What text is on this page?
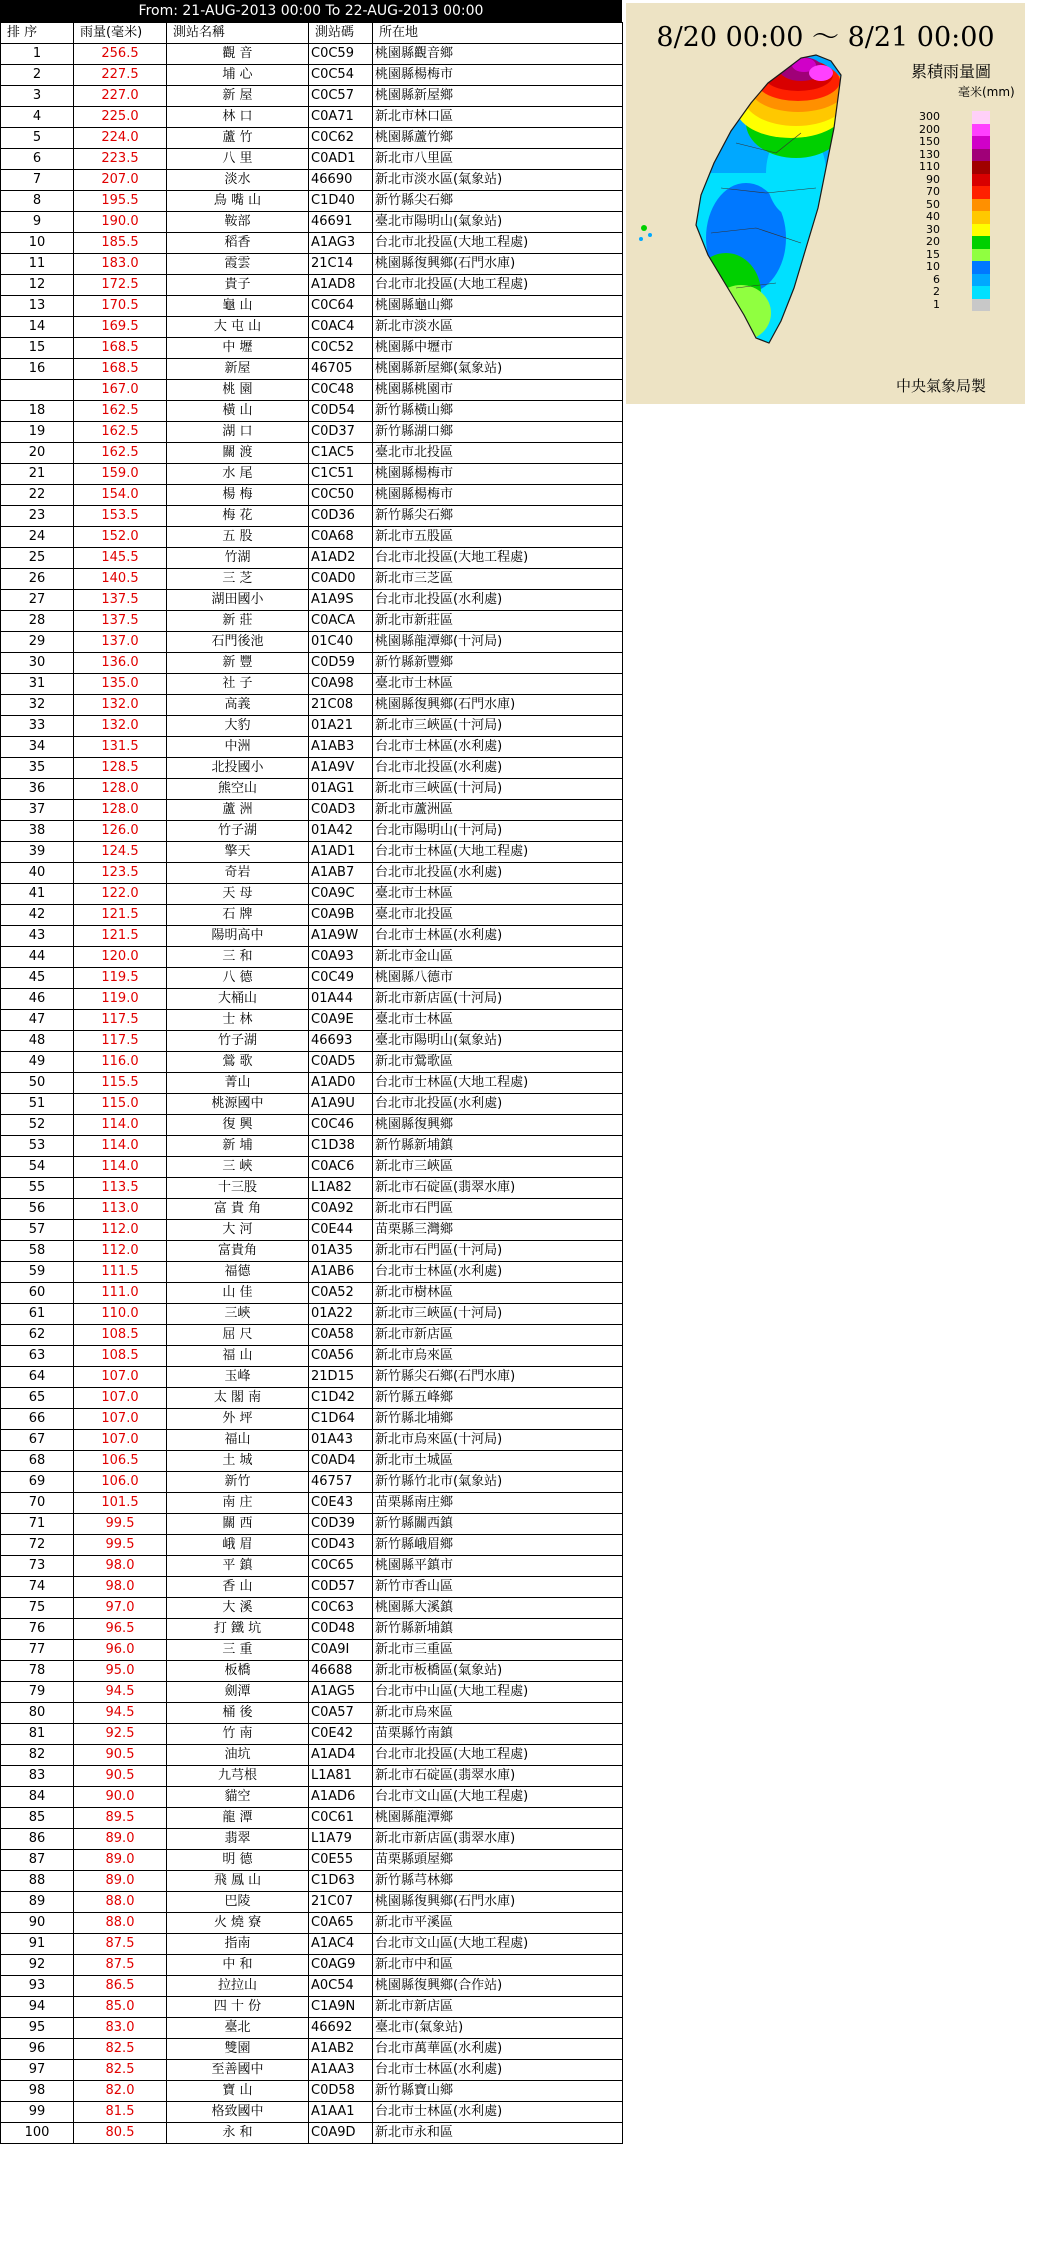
From: 21-AUG-2013 00:00 To 22-AUG-2013 00:00
排 序	雨量(毫米)	測站名稱	測站碼	所在地
1	256.5	觀 音	C0C59	桃園縣觀音鄉
2	227.5	埔 心	C0C54	桃園縣楊梅市
3	227.0	新 屋	C0C57	桃園縣新屋鄉
4	225.0	林 口	C0A71	新北市林口區
5	224.0	蘆 竹	C0C62	桃園縣蘆竹鄉
6	223.5	八 里	C0AD1	新北市八里區
7	207.0	淡水	46690	新北市淡水區(氣象站)
8	195.5	鳥 嘴 山	C1D40	新竹縣尖石鄉
9	190.0	鞍部	46691	臺北市陽明山(氣象站)
10	185.5	稻香	A1AG3	台北市北投區(大地工程處)
11	183.0	霞雲	21C14	桃園縣復興鄉(石門水庫)
12	172.5	貴子	A1AD8	台北市北投區(大地工程處)
13	170.5	龜 山	C0C64	桃園縣龜山鄉
14	169.5	大 屯 山	C0AC4	新北市淡水區
15	168.5	中 壢	C0C52	桃園縣中壢市
16	168.5	新屋	46705	桃園縣新屋鄉(氣象站)
	167.0	桃 園	C0C48	桃園縣桃園市
18	162.5	橫 山	C0D54	新竹縣橫山鄉
19	162.5	湖 口	C0D37	新竹縣湖口鄉
20	162.5	關 渡	C1AC5	臺北市北投區
21	159.0	水 尾	C1C51	桃園縣楊梅市
22	154.0	楊 梅	C0C50	桃園縣楊梅市
23	153.5	梅 花	C0D36	新竹縣尖石鄉
24	152.0	五 股	C0A68	新北市五股區
25	145.5	竹湖	A1AD2	台北市北投區(大地工程處)
26	140.5	三 芝	C0AD0	新北市三芝區
27	137.5	湖田國小	A1A9S	台北市北投區(水利處)
28	137.5	新 莊	C0ACA	新北市新莊區
29	137.0	石門後池	01C40	桃園縣龍潭鄉(十河局)
30	136.0	新 豐	C0D59	新竹縣新豐鄉
31	135.0	社 子	C0A98	臺北市士林區
32	132.0	高義	21C08	桃園縣復興鄉(石門水庫)
33	132.0	大豹	01A21	新北市三峽區(十河局)
34	131.5	中洲	A1AB3	台北市士林區(水利處)
35	128.5	北投國小	A1A9V	台北市北投區(水利處)
36	128.0	熊空山	01AG1	新北市三峽區(十河局)
37	128.0	蘆 洲	C0AD3	新北市蘆洲區
38	126.0	竹子湖	01A42	台北市陽明山(十河局)
39	124.5	擎天	A1AD1	台北市士林區(大地工程處)
40	123.5	奇岩	A1AB7	台北市北投區(水利處)
41	122.0	天 母	C0A9C	臺北市士林區
42	121.5	石 牌	C0A9B	臺北市北投區
43	121.5	陽明高中	A1A9W	台北市士林區(水利處)
44	120.0	三 和	C0A93	新北市金山區
45	119.5	八 德	C0C49	桃園縣八德市
46	119.0	大桶山	01A44	新北市新店區(十河局)
47	117.5	士 林	C0A9E	臺北市士林區
48	117.5	竹子湖	46693	臺北市陽明山(氣象站)
49	116.0	鶯 歌	C0AD5	新北市鶯歌區
50	115.5	菁山	A1AD0	台北市士林區(大地工程處)
51	115.0	桃源國中	A1A9U	台北市北投區(水利處)
52	114.0	復 興	C0C46	桃園縣復興鄉
53	114.0	新 埔	C1D38	新竹縣新埔鎮
54	114.0	三 峽	C0AC6	新北市三峽區
55	113.5	十三股	L1A82	新北市石碇區(翡翠水庫)
56	113.0	富 貴 角	C0A92	新北市石門區
57	112.0	大 河	C0E44	苗栗縣三灣鄉
58	112.0	富貴角	01A35	新北市石門區(十河局)
59	111.5	福德	A1AB6	台北市士林區(水利處)
60	111.0	山 佳	C0A52	新北市樹林區
61	110.0	三峽	01A22	新北市三峽區(十河局)
62	108.5	屈 尺	C0A58	新北市新店區
63	108.5	福 山	C0A56	新北市烏來區
64	107.0	玉峰	21D15	新竹縣尖石鄉(石門水庫)
65	107.0	太 閣 南	C1D42	新竹縣五峰鄉
66	107.0	外 坪	C1D64	新竹縣北埔鄉
67	107.0	福山	01A43	新北市烏來區(十河局)
68	106.5	土 城	C0AD4	新北市土城區
69	106.0	新竹	46757	新竹縣竹北市(氣象站)
70	101.5	南 庄	C0E43	苗栗縣南庄鄉
71	99.5	關 西	C0D39	新竹縣關西鎮
72	99.5	峨 眉	C0D43	新竹縣峨眉鄉
73	98.0	平 鎮	C0C65	桃園縣平鎮市
74	98.0	香 山	C0D57	新竹市香山區
75	97.0	大 溪	C0C63	桃園縣大溪鎮
76	96.5	打 鐵 坑	C0D48	新竹縣新埔鎮
77	96.0	三 重	C0A9I	新北市三重區
78	95.0	板橋	46688	新北市板橋區(氣象站)
79	94.5	劍潭	A1AG5	台北市中山區(大地工程處)
80	94.5	桶 後	C0A57	新北市烏來區
81	92.5	竹 南	C0E42	苗栗縣竹南鎮
82	90.5	油坑	A1AD4	台北市北投區(大地工程處)
83	90.5	九芎根	L1A81	新北市石碇區(翡翠水庫)
84	90.0	貓空	A1AD6	台北市文山區(大地工程處)
85	89.5	龍 潭	C0C61	桃園縣龍潭鄉
86	89.0	翡翠	L1A79	新北市新店區(翡翠水庫)
87	89.0	明 德	C0E55	苗栗縣頭屋鄉
88	89.0	飛 鳳 山	C1D63	新竹縣芎林鄉
89	88.0	巴陵	21C07	桃園縣復興鄉(石門水庫)
90	88.0	火 燒 寮	C0A65	新北市平溪區
91	87.5	指南	A1AC4	台北市文山區(大地工程處)
92	87.5	中 和	C0AG9	新北市中和區
93	86.5	拉拉山	A0C54	桃園縣復興鄉(合作站)
94	85.0	四 十 份	C1A9N	新北市新店區
95	83.0	臺北	46692	臺北市(氣象站)
96	82.5	雙園	A1AB2	台北市萬華區(水利處)
97	82.5	至善國中	A1AA3	台北市士林區(水利處)
98	82.0	寶 山	C0D58	新竹縣寶山鄉
99	81.5	格致國中	A1AA1	台北市士林區(水利處)
100	80.5	永 和	C0A9D	新北市永和區
8/20 00:00 ～ 8/21 00:00
累積雨量圖
毫米(mm)
300
200
150
130
110
90
70
50
40
30
20
15
10
6
2
1
中央氣象局製
